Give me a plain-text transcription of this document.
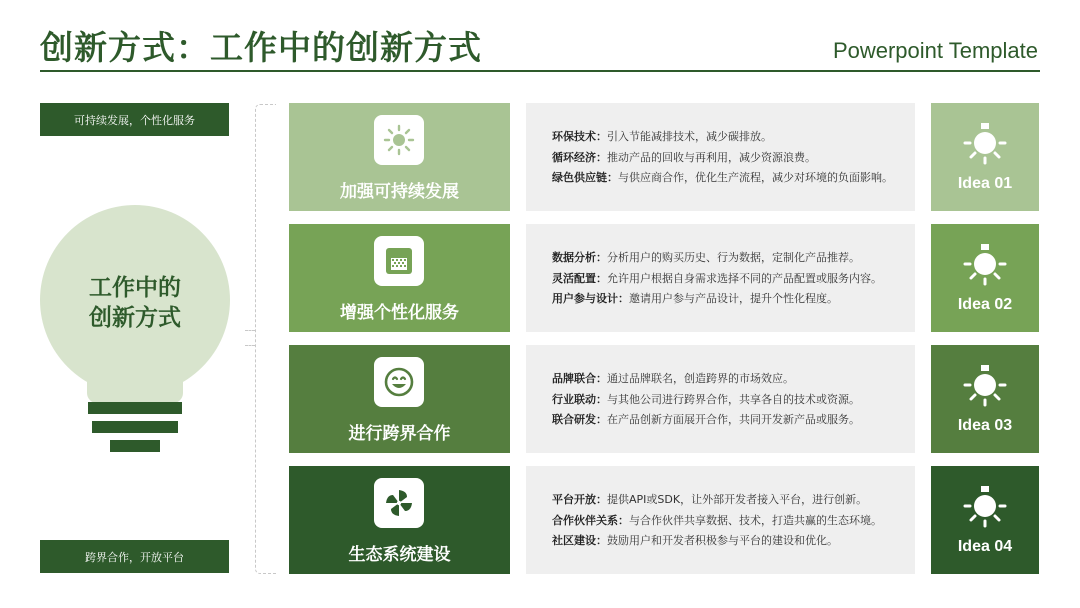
创新方式：工作中的创新方式	Powerpoint Template
可持续发展，个性化服务
跨界合作，开放平台
工作中的
创新方式
加强可持续发展
环保技术：引入节能减排技术，减少碳排放。
循环经济：推动产品的回收与再利用，减少资源浪费。
绿色供应链：与供应商合作，优化生产流程，减少对环境的负面影响。	Idea 01
增强个性化服务
数据分析：分析用户的购买历史、行为数据，定制化产品推荐。
灵活配置：允许用户根据自身需求选择不同的产品配置或服务内容。
用户参与设计：邀请用户参与产品设计，提升个性化程度。	Idea 02
进行跨界合作
品牌联合：通过品牌联名，创造跨界的市场效应。
行业联动：与其他公司进行跨界合作，共享各自的技术或资源。
联合研发：在产品创新方面展开合作，共同开发新产品或服务。	Idea 03
生态系统建设
平台开放：提供API或SDK，让外部开发者接入平台，进行创新。
合作伙伴关系：与合作伙伴共享数据、技术，打造共赢的生态环境。
社区建设：鼓励用户和开发者积极参与平台的建设和优化。	Idea 04
